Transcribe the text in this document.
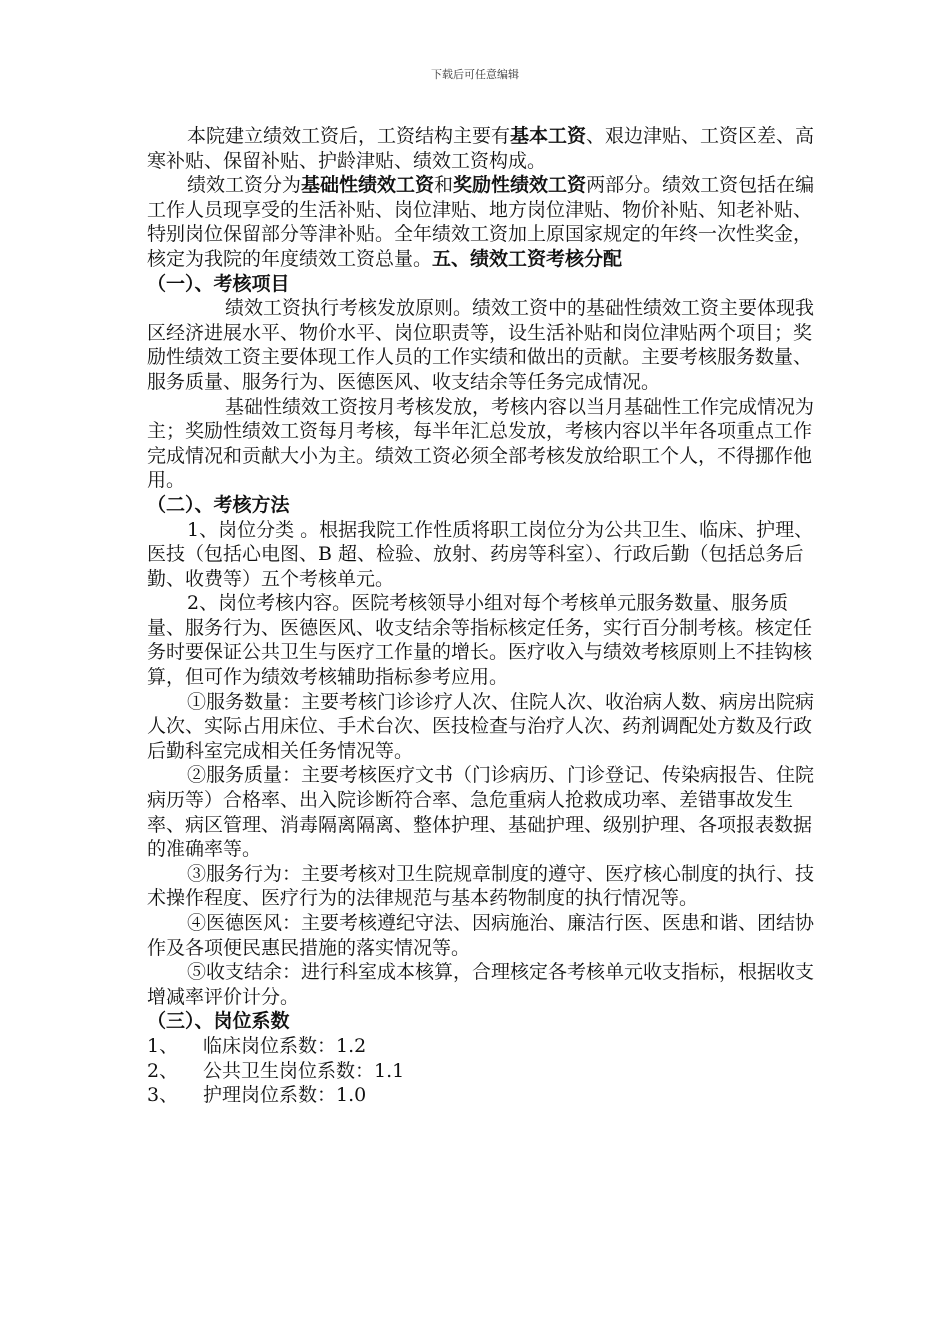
下载后可任意编辑

本院建立绩效工资后，工资结构主要有基本工资、艰边津贴、工资区差、高寒补贴、保留补贴、护龄津贴、绩效工资构成。

绩效工资分为基础性绩效工资和奖励性绩效工资两部分。绩效工资包括在编工作人员现享受的生活补贴、岗位津贴、地方岗位津贴、物价补贴、知老补贴、特别岗位保留部分等津补贴。全年绩效工资加上原国家规定的年终一次性奖金，核定为我院的年度绩效工资总量。五、绩效工资考核分配

（一）、考核项目

绩效工资执行考核发放原则。绩效工资中的基础性绩效工资主要体现我区经济进展水平、物价水平、岗位职责等，设生活补贴和岗位津贴两个项目；奖励性绩效工资主要体现工作人员的工作实绩和做出的贡献。主要考核服务数量、服务质量、服务行为、医德医风、收支结余等任务完成情况。

基础性绩效工资按月考核发放，考核内容以当月基础性工作完成情况为主；奖励性绩效工资每月考核，每半年汇总发放，考核内容以半年各项重点工作完成情况和贡献大小为主。绩效工资必须全部考核发放给职工个人，不得挪作他用。

（二）、考核方法

1、岗位分类 。根据我院工作性质将职工岗位分为公共卫生、临床、护理、医技（包括心电图、B 超、检验、放射、药房等科室）、行政后勤（包括总务后勤、收费等）五个考核单元。

2、岗位考核内容。医院考核领导小组对每个考核单元服务数量、服务质量、服务行为、医德医风、收支结余等指标核定任务，实行百分制考核。核定任务时要保证公共卫生与医疗工作量的增长。医疗收入与绩效考核原则上不挂钩核算，但可作为绩效考核辅助指标参考应用。

①服务数量：主要考核门诊诊疗人次、住院人次、收治病人数、病房出院病人次、实际占用床位、手术台次、医技检查与治疗人次、药剂调配处方数及行政后勤科室完成相关任务情况等。

②服务质量：主要考核医疗文书（门诊病历、门诊登记、传染病报告、住院病历等）合格率、出入院诊断符合率、急危重病人抢救成功率、差错事故发生率、病区管理、消毒隔离隔离、整体护理、基础护理、级别护理、各项报表数据的准确率等。

③服务行为：主要考核对卫生院规章制度的遵守、医疗核心制度的执行、技术操作程度、医疗行为的法律规范与基本药物制度的执行情况等。

④医德医风：主要考核遵纪守法、因病施治、廉洁行医、医患和谐、团结协作及各项便民惠民措施的落实情况等。

⑤收支结余：进行科室成本核算，合理核定各考核单元收支指标，根据收支增减率评价计分。

（三）、岗位系数

1、 临床岗位系数：1.2

2、 公共卫生岗位系数：1.1

3、 护理岗位系数：1.0
